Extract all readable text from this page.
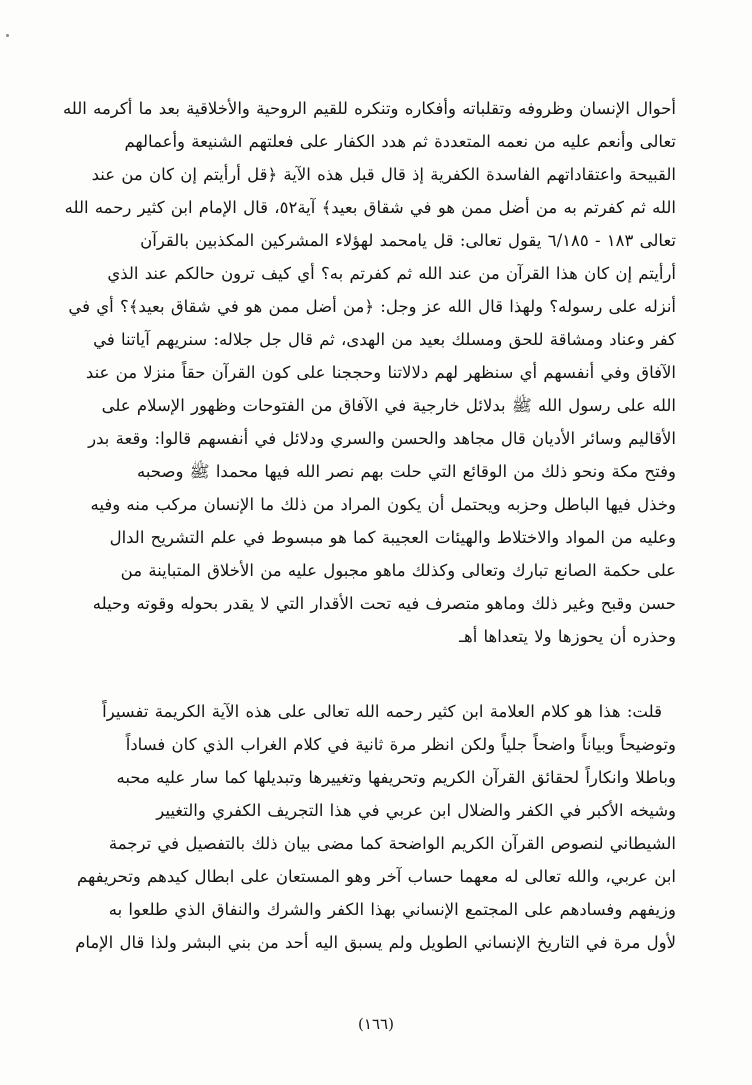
أحوال الإنسان وظروفه وتقلباته وأفكاره وتنكره للقيم الروحية والأخلاقية بعد ما أكرمه الله
تعالى وأنعم عليه من نعمه المتعددة ثم هدد الكفار على فعلتهم الشنيعة وأعمالهم
القبيحة واعتقاداتهم الفاسدة الكفرية إذ قال قبل هذه الآية ﴿قل أرأيتم إن كان من عند
الله ثم كفرتم به من أضل ممن هو في شقاق بعيد﴾ آية٥٢، قال الإمام ابن كثير رحمه الله
تعالى ١٨٣ - ٦/١٨٥ يقول تعالى: قل يامحمد لهؤلاء المشركين المكذبين بالقرآن
أرأيتم إن كان هذا القرآن من عند الله ثم كفرتم به؟ أي كيف ترون حالكم عند الذي
أنزله على رسوله؟ ولهذا قال الله عز وجل: ﴿من أضل ممن هو في شقاق بعيد﴾؟ أي في
كفر وعناد ومشاقة للحق ومسلك بعيد من الهدى، ثم قال جل جلاله: سنريهم آياتنا في
الآفاق وفي أنفسهم أي سنظهر لهم دلالاتنا وحججنا على كون القرآن حقاً منزلا من عند
الله على رسول الله ﷺ بدلائل خارجية في الآفاق من الفتوحات وظهور الإسلام على
الأقاليم وسائر الأديان قال مجاهد والحسن والسري ودلائل في أنفسهم قالوا: وقعة بدر
وفتح مكة ونحو ذلك من الوقائع التي حلت بهم نصر الله فيها محمدا ﷺ وصحبه
وخذل فيها الباطل وحزبه ويحتمل أن يكون المراد من ذلك ما الإنسان مركب منه وفيه
وعليه من المواد والاختلاط والهيئات العجيبة كما هو مبسوط في علم التشريح الدال
على حكمة الصانع تبارك وتعالى وكذلك ماهو مجبول عليه من الأخلاق المتباينة من
حسن وقبح وغير ذلك وماهو متصرف فيه تحت الأقدار التي لا يقدر بحوله وقوته وحيله
وحذره أن يحوزها ولا يتعداها أهـ
قلت: هذا هو كلام العلامة ابن كثير رحمه الله تعالى على هذه الآية الكريمة تفسيراً
وتوضيحاً وبياناً واضحاً جلياً ولكن انظر مرة ثانية في كلام الغراب الذي كان فساداً
وباطلا وانكاراً لحقائق القرآن الكريم وتحريفها وتغييرها وتبديلها كما سار عليه محبه
وشيخه الأكبر في الكفر والضلال ابن عربي في هذا التجريف الكفري والتغيير
الشيطاني لنصوص القرآن الكريم الواضحة كما مضى بيان ذلك بالتفصيل في ترجمة
ابن عربي، والله تعالى له معهما حساب آخر وهو المستعان على ابطال كيدهم وتحريفهم
وزيفهم وفسادهم على المجتمع الإنساني بهذا الكفر والشرك والنفاق الذي طلعوا به
لأول مرة في التاريخ الإنساني الطويل ولم يسبق اليه أحد من بني البشر ولذا قال الإمام
(١٦٦)
